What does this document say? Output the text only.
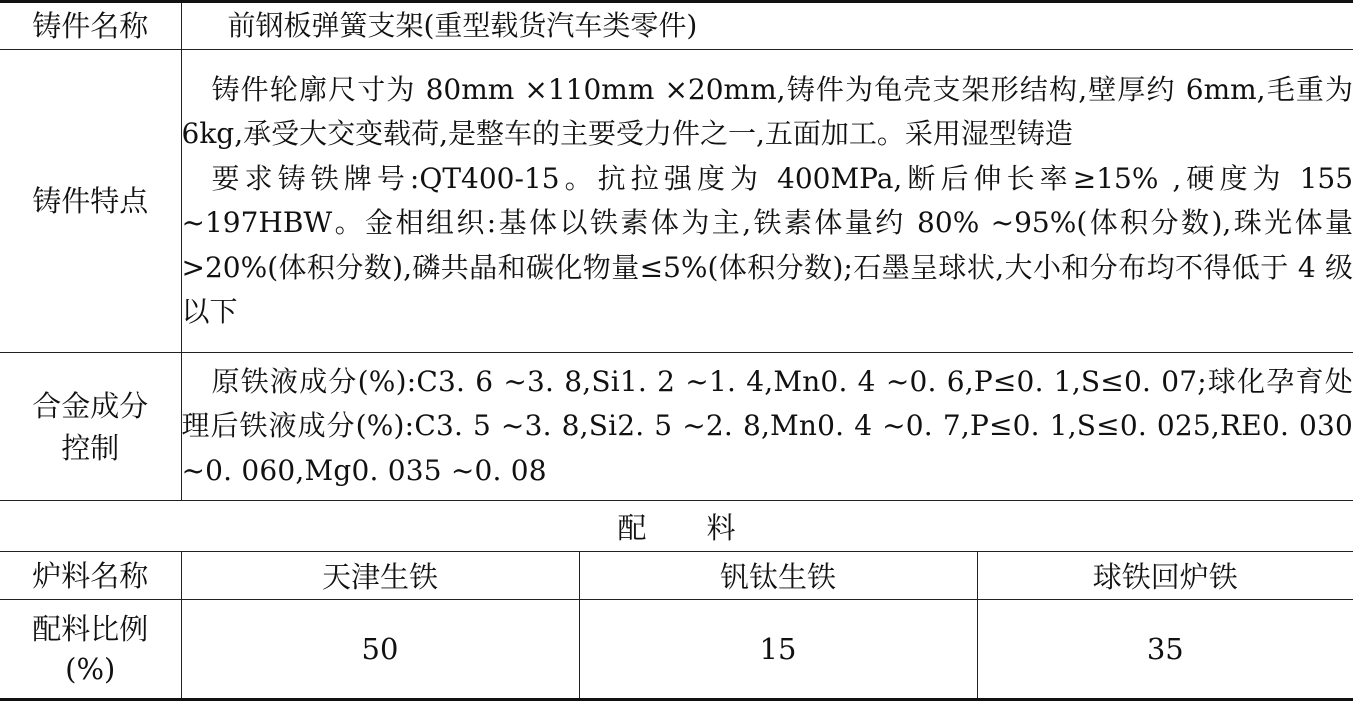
铸件名称	前钢板弹簧支架(重型载货汽车类零件)		
铸件特点	铸件轮廓尺寸为 80mm ×110mm ×20mm,铸件为龟壳支架形结构,壁厚约 6mm,毛重为 6kg,承受大交变载荷,是整车的主要受力件之一,五面加工。采用湿型铸造

要求铸铁牌号:QT400-15。抗拉强度为 400MPa,断后伸长率≥15% ,硬度为 155 ~197HBW。金相组织:基体以铁素体为主,铁素体量约 80% ~95%(体积分数),珠光体量 >20%(体积分数),磷共晶和碳化物量≤5%(体积分数);石墨呈球状,大小和分布均不得低于 4 级以下		

合金成分
控制	原铁液成分(%):C3. 6 ~3. 8,Si1. 2 ~1. 4,Mn0. 4 ~0. 6,P≤0. 1,S≤0. 07;球化孕育处理后铁液成分(%):C3. 5 ~3. 8,Si2. 5 ~2. 8,Mn0. 4 ~0. 7,P≤0. 1,S≤0. 025,RE0. 030 ~0. 060,Mg0. 035 ~0. 08		

配料			
炉料名称	天津生铁	钒钛生铁	球铁回炉铁

配料比例
(%)	50	15	35
